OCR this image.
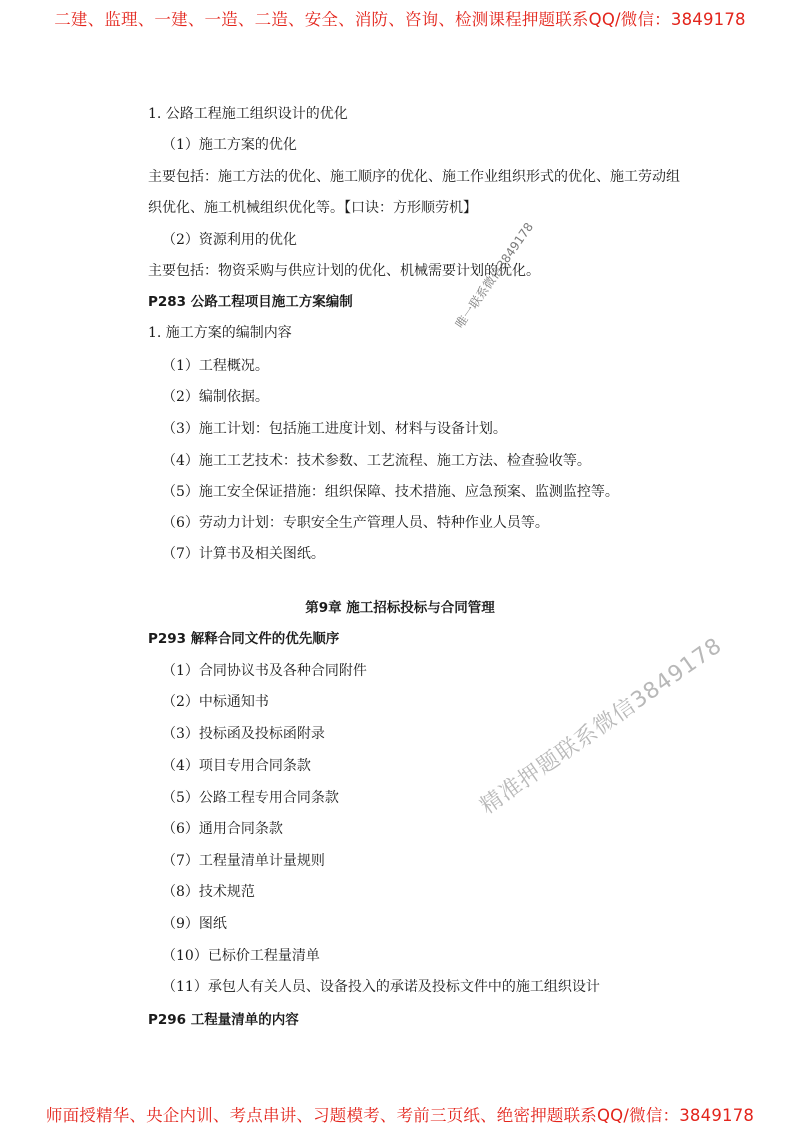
二建、监理、一建、一造、二造、安全、消防、咨询、检测课程押题联系QQ/微信：3849178
1. 公路工程施工组织设计的优化
（1）施工方案的优化
主要包括：施工方法的优化、施工顺序的优化、施工作业组织形式的优化、施工劳动组织优化、施工机械组织优化等。【口诀：方形顺劳机】
（2）资源利用的优化
主要包括：物资采购与供应计划的优化、机械需要计划的优化。
P283 公路工程项目施工方案编制
1. 施工方案的编制内容
（1）工程概况。
（2）编制依据。
（3）施工计划：包括施工进度计划、材料与设备计划。
（4）施工工艺技术：技术参数、工艺流程、施工方法、检查验收等。
（5）施工安全保证措施：组织保障、技术措施、应急预案、监测监控等。
（6）劳动力计划：专职安全生产管理人员、特种作业人员等。
（7）计算书及相关图纸。
第9章 施工招标投标与合同管理
P293 解释合同文件的优先顺序
（1）合同协议书及各种合同附件
（2）中标通知书
（3）投标函及投标函附录
（4）项目专用合同条款
（5）公路工程专用合同条款
（6）通用合同条款
（7）工程量清单计量规则
（8）技术规范
（9）图纸
（10）已标价工程量清单
（11）承包人有关人员、设备投入的承诺及投标文件中的施工组织设计
P296 工程量清单的内容
唯一联系微信3849178
精准押题联系微信3849178
师面授精华、央企内训、考点串讲、习题模考、考前三页纸、绝密押题联系QQ/微信：3849178
